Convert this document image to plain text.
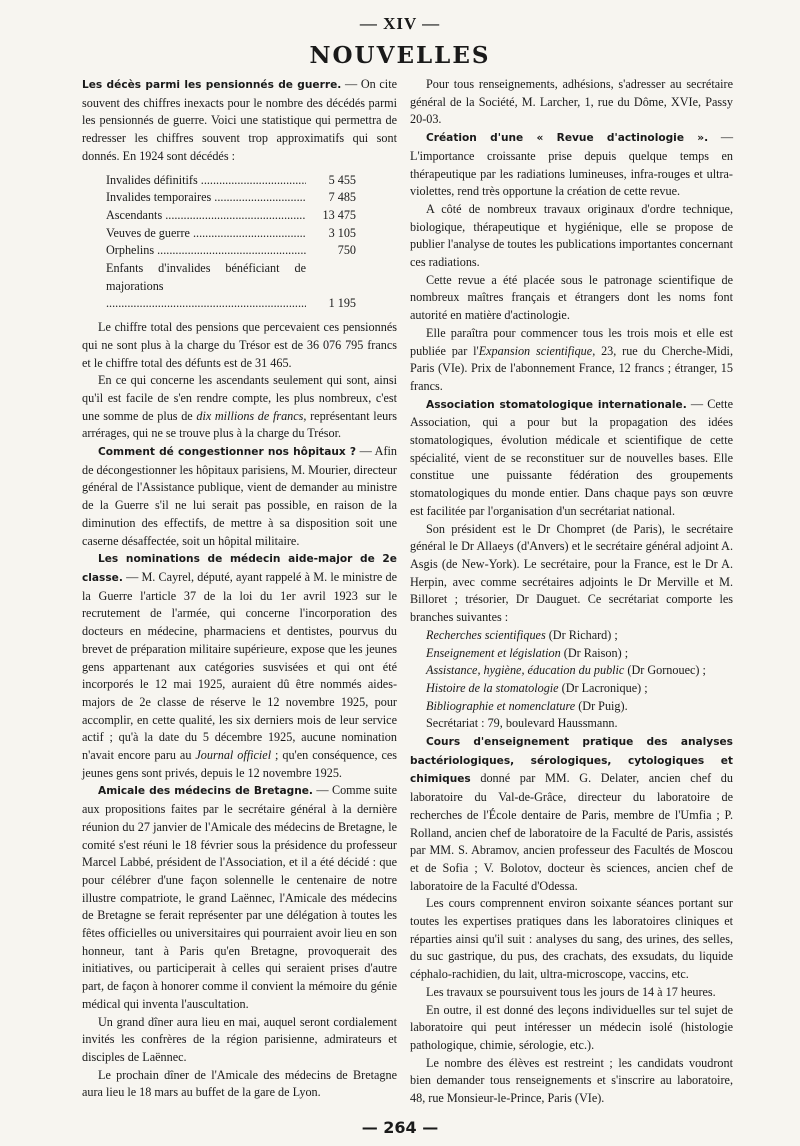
— XIV —
NOUVELLES

Les décès parmi les pensionnés de guerre. — On cite souvent des chiffres inexacts pour le nombre des décédés parmi les pensionnés de guerre. Voici une statistique qui permettra de redresser les chiffres souvent trop approximatifs qui sont donnés. En 1924 sont décédés :

Invalides définitifs .....	5 455
Invalides temporaires .....	7 485
Ascendants .....	13 475
Veuves de guerre .....	3 105
Orphelins .....	750
Enfants d'invalides bénéficiant de majorations .....
1 195

Le chiffre total des pensions que percevaient ces pensionnés qui ne sont plus à la charge du Trésor est de 36 076 795 francs et le chiffre total des défunts est de 31 465.

En ce qui concerne les ascendants seulement qui sont, ainsi qu'il est facile de s'en rendre compte, les plus nombreux, c'est une somme de plus de dix millions de francs, représentant leurs arrérages, qui ne se trouve plus à la charge du Trésor.

Comment dé congestionner nos hôpitaux ? — Afin de décongestionner les hôpitaux parisiens, M. Mourier, directeur général de l'Assistance publique, vient de demander au ministre de la Guerre s'il ne lui serait pas possible, en raison de la diminution des effectifs, de mettre à sa disposition soit une caserne désaffectée, soit un hôpital militaire.

Les nominations de médecin aide-major de 2e classe. — M. Cayrel, député, ayant rappelé à M. le ministre de la Guerre l'article 37 de la loi du 1er avril 1923 sur le recrutement de l'armée, qui concerne l'incorporation des docteurs en médecine, pharmaciens et dentistes, pourvus du brevet de préparation militaire supérieure, expose que les jeunes gens appartenant aux catégories susvisées et qui ont été incorporés le 12 mai 1925, auraient dû être nommés aides-majors de 2e classe de réserve le 12 novembre 1925, pour accomplir, en cette qualité, les six derniers mois de leur service actif ; qu'à la date du 5 décembre 1925, aucune nomination n'avait encore paru au Journal officiel ; qu'en conséquence, ces jeunes gens sont privés, depuis le 12 novembre 1925.

Amicale des médecins de Bretagne. — Comme suite aux propositions faites par le secrétaire général à la dernière réunion du 27 janvier de l'Amicale des médecins de Bretagne, le comité s'est réuni le 18 février sous la présidence du professeur Marcel Labbé, président de l'Association, et il a été décidé : que pour célébrer d'une façon solennelle le centenaire de notre illustre compatriote, le grand Laënnec, l'Amicale des médecins de Bretagne se ferait représenter par une délégation à toutes les fêtes officielles ou universitaires qui pourraient avoir lieu en son honneur, tant à Paris qu'en Bretagne, provoquerait des initiatives, ou participerait à celles qui seraient prises d'autre part, de façon à honorer comme il convient la mémoire du génie médical qui inventa l'auscultation.

Un grand dîner aura lieu en mai, auquel seront cordialement invités les confrères de la région parisienne, admirateurs et disciples de Laënnec.

Le prochain dîner de l'Amicale des médecins de Bretagne aura lieu le 18 mars au buffet de la gare de Lyon.

Pour tous renseignements, adhésions, s'adresser au secrétaire général de la Société, M. Larcher, 1, rue du Dôme, XVIe, Passy 20-03.

Création d'une « Revue d'actinologie ». — L'importance croissante prise depuis quelque temps en thérapeutique par les radiations lumineuses, infra-rouges et ultra-violettes, rend très opportune la création de cette revue.

A côté de nombreux travaux originaux d'ordre technique, biologique, thérapeutique et hygiénique, elle se propose de publier l'analyse de toutes les publications importantes concernant ces radiations.

Cette revue a été placée sous le patronage scientifique de nombreux maîtres français et étrangers dont les noms font autorité en matière d'actinologie.

Elle paraîtra pour commencer tous les trois mois et elle est publiée par l'Expansion scientifique, 23, rue du Cherche-Midi, Paris (VIe). Prix de l'abonnement France, 12 francs ; étranger, 15 francs.

Association stomatologique internationale. — Cette Association, qui a pour but la propagation des idées stomatologiques, évolution médicale et scientifique de cette spécialité, vient de se reconstituer sur de nouvelles bases. Elle constitue une puissante fédération des groupements stomatologiques du monde entier. Dans chaque pays son œuvre est facilitée par l'organisation d'un secrétariat national.

Son président est le Dr Chompret (de Paris), le secrétaire général le Dr Allaeys (d'Anvers) et le secrétaire général adjoint A. Asgis (de New-York). Le secrétaire, pour la France, est le Dr A. Herpin, avec comme secrétaires adjoints le Dr Merville et M. Billoret ; trésorier, Dr Dauguet. Ce secrétariat comporte les branches suivantes :

Recherches scientifiques (Dr Richard) ;

Enseignement et législation (Dr Raison) ;

Assistance, hygiène, éducation du public (Dr Gornouec) ;

Histoire de la stomatologie (Dr Lacronique) ;

Bibliographie et nomenclature (Dr Puig).

Secrétariat : 79, boulevard Haussmann.

Cours d'enseignement pratique des analyses bactériologiques, sérologiques, cytologiques et chimiques donné par MM. G. Delater, ancien chef du laboratoire du Val-de-Grâce, directeur du laboratoire de recherches de l'École dentaire de Paris, membre de l'Umfia ; P. Rolland, ancien chef de laboratoire de la Faculté de Paris, assistés par MM. S. Abramov, ancien professeur des Facultés de Moscou et de Sofia ; V. Bolotov, docteur ès sciences, ancien chef de laboratoire de la Faculté d'Odessa.

Les cours comprennent environ soixante séances portant sur toutes les expertises pratiques dans les laboratoires cliniques et réparties ainsi qu'il suit : analyses du sang, des urines, des selles, du suc gastrique, du pus, des crachats, des exsudats, du liquide céphalo-rachidien, du lait, ultra-microscope, vaccins, etc.

Les travaux se poursuivent tous les jours de 14 à 17 heures.

En outre, il est donné des leçons individuelles sur tel sujet de laboratoire qui peut intéresser un médecin isolé (histologie pathologique, chimie, sérologie, etc.).

Le nombre des élèves est restreint ; les candidats voudront bien demander tous renseignements et s'inscrire au laboratoire, 48, rue Monsieur-le-Prince, Paris (VIe).

— 264 —
